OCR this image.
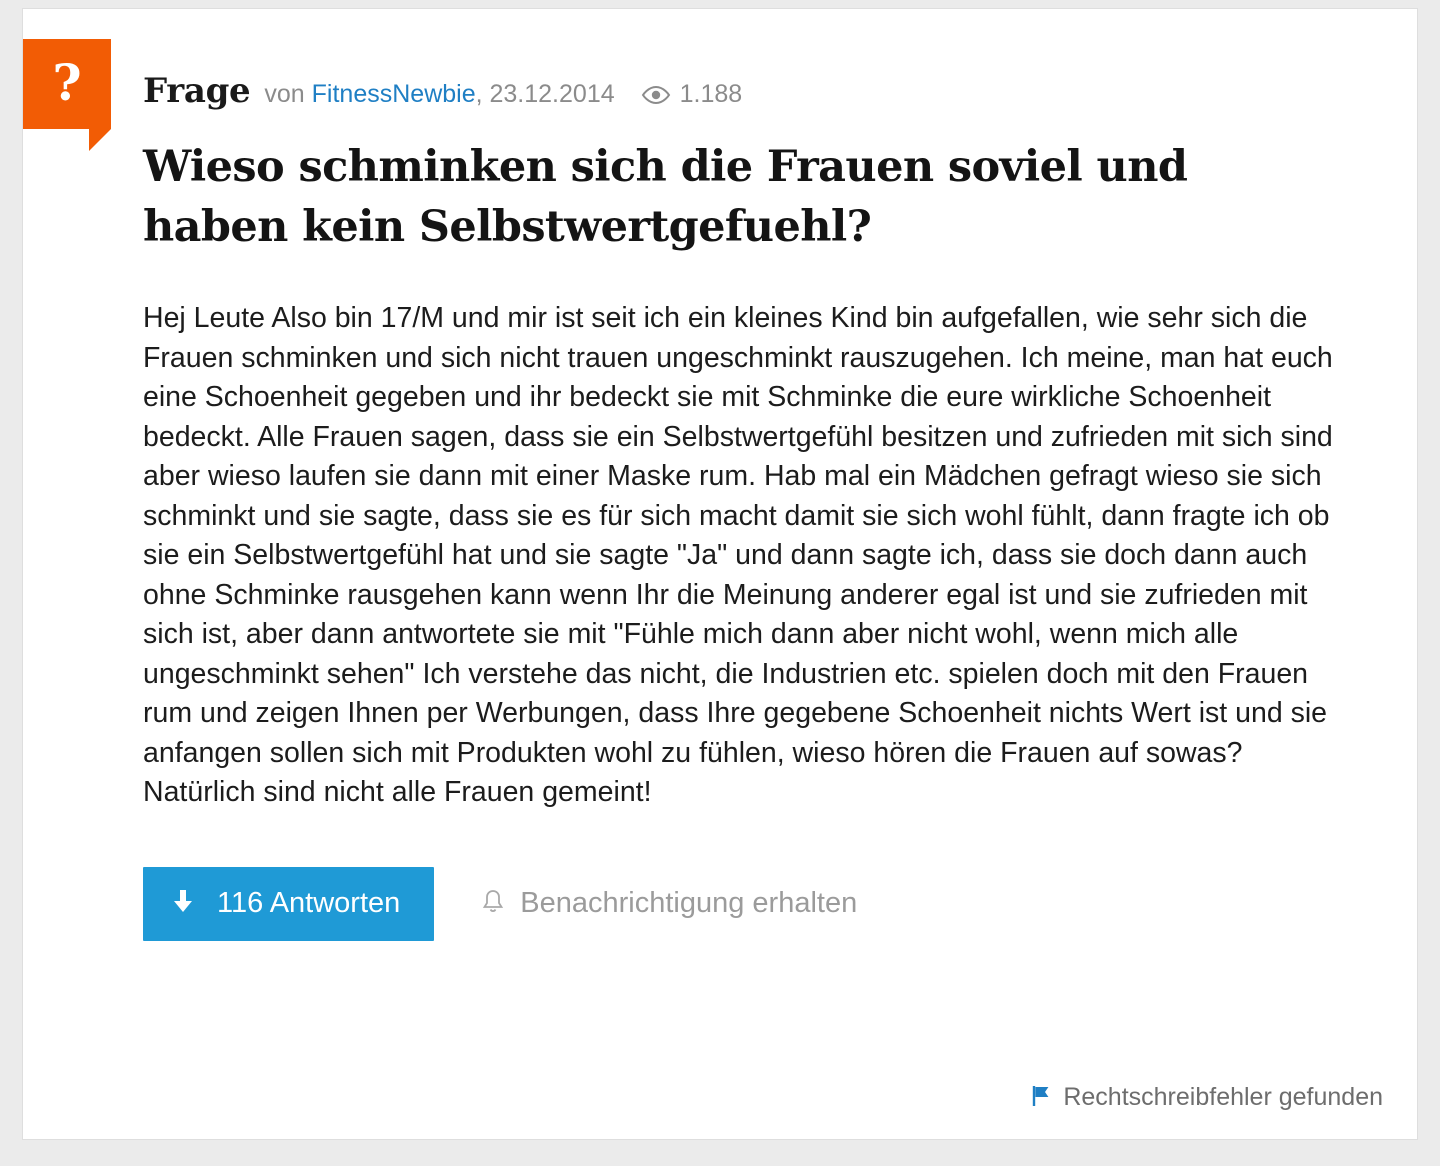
?	Frage von FitnessNewbie, 23.12.2014	1.188
Wieso schminken sich die Frauen soviel und haben kein Selbstwertgefuehl?

Hej Leute Also bin 17/M und mir ist seit ich ein kleines Kind bin aufgefallen, wie sehr sich die Frauen schminken und sich nicht trauen ungeschminkt rauszugehen. Ich meine, man hat euch eine Schoenheit gegeben und ihr bedeckt sie mit Schminke die eure wirkliche Schoenheit bedeckt. Alle Frauen sagen, dass sie ein Selbstwertgefühl besitzen und zufrieden mit sich sind aber wieso laufen sie dann mit einer Maske rum. Hab mal ein Mädchen gefragt wieso sie sich schminkt und sie sagte, dass sie es für sich macht damit sie sich wohl fühlt, dann fragte ich ob sie ein Selbstwertgefühl hat und sie sagte "Ja" und dann sagte ich, dass sie doch dann auch ohne Schminke rausgehen kann wenn Ihr die Meinung anderer egal ist und sie zufrieden mit sich ist, aber dann antwortete sie mit "Fühle mich dann aber nicht wohl, wenn mich alle ungeschminkt sehen" Ich verstehe das nicht, die Industrien etc. spielen doch mit den Frauen rum und zeigen Ihnen per Werbungen, dass Ihre gegebene Schoenheit nichts Wert ist und sie anfangen sollen sich mit Produkten wohl zu fühlen, wieso hören die Frauen auf sowas? Natürlich sind nicht alle Frauen gemeint!

116 Antworten	Benachrichtigung erhalten
Rechtschreibfehler gefunden
